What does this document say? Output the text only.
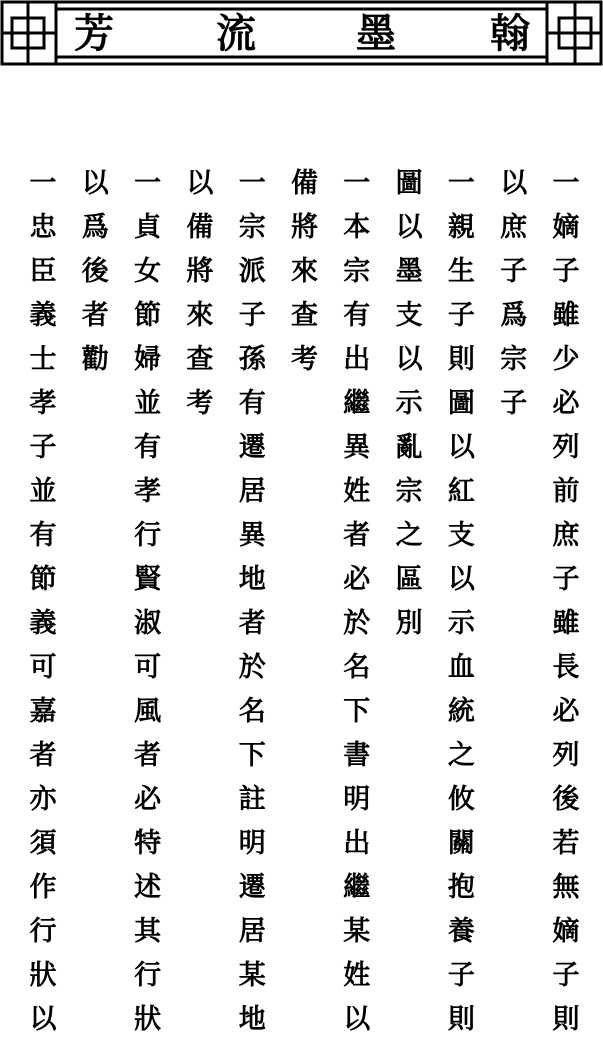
芳	流	墨 翰
一
嫡
子
雖
少
必
列
前
庶
子
雖
長
必
列
後
若
無
嫡
子
則
以
庶
子
爲
宗
子
一
親
生
子
則
圖
以
紅
支
以
示
血
統
之
攸
關
抱
養
子
則
圖
以
墨
支
以
示
亂
宗
之
區
別
一
本
宗
有
出
繼
異
姓
者
必
於
名
下
書
明
出
繼
某
姓
以
備
將
來
查
考
一
宗
派
子
孫
有
遷
居
異
地
者
於
名
下
註
明
遷
居
某
地
以
備
將
來
查
考
一
貞
女
節
婦
並
有
孝
行
賢
淑
可
風
者
必
特
述
其
行
狀
以
爲
後
者
勸
一
忠
臣
義
士
孝
子
並
有
節
義
可
嘉
者
亦
須
作
行
狀
以
